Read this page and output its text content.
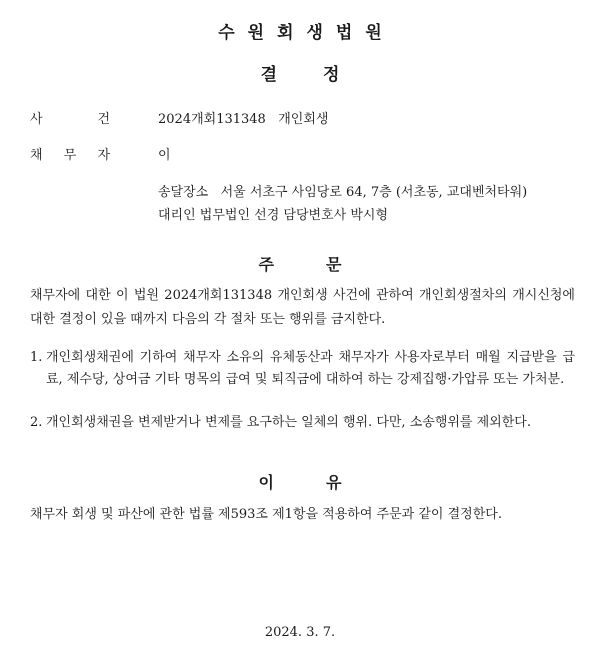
수원회생법원
결정
사	건	2024개회131348   개인회생
채 무 자	이
송달장소   서울 서초구 사임당로 64, 7층 (서초동, 교대벤처타워)
대리인 법무법인 선경 담당변호사 박시형
주문
채무자에 대한 이 법원 2024개회131348 개인회생 사건에 관하여 개인회생절차의 개시신청에 대한 결정이 있을 때까지 다음의 각 절차 또는 행위를 금지한다.
1. 개인회생채권에 기하여 채무자 소유의 유체동산과 채무자가 사용자로부터 매월 지급받을 급료, 제수당, 상여금 기타 명목의 급여 및 퇴직금에 대하여 하는 강제집행·가압류 또는 가처분.
2. 개인회생채권을 변제받거나 변제를 요구하는 일체의 행위. 다만, 소송행위를 제외한다.
이유
채무자 회생 및 파산에 관한 법률 제593조 제1항을 적용하여 주문과 같이 결정한다.
2024. 3. 7.
